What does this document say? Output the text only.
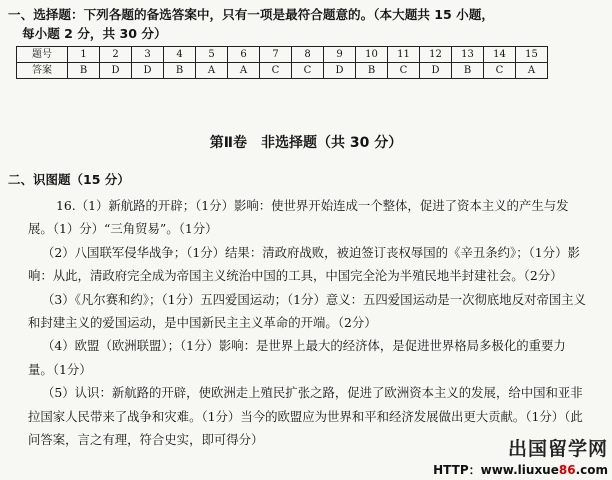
一、选择题：下列各题的备选答案中，只有一项是最符合题意的。（本大题共 15 小题，
每小题 2 分，共 30 分）
题号	1	2	3	4	5	6	7	8	9	10	11	12	13	14	15
答案	B	D	D	B	A	A	C	C	D	B	C	D	B	C	A
第Ⅱ卷　非选择题（共 30 分）
二、识图题（15 分）
16.（1）新航路的开辟；（1分）影响：使世界开始连成一个整体，促进了资本主义的产生与发展。（1）分）“三角贸易”。（1分）
（2）八国联军侵华战争；（1分）结果：清政府战败，被迫签订丧权辱国的《辛丑条约》；（1分）影响：从此，清政府完全成为帝国主义统治中国的工具，中国完全沦为半殖民地半封建社会。（2分）
（3）《凡尔赛和约》；（1分）五四爱国运动；（1分）意义：五四爱国运动是一次彻底地反对帝国主义和封建主义的爱国运动，是中国新民主主义革命的开端。（2分）
（4）欧盟（欧洲联盟）；（1分）影响：是世界上最大的经济体，是促进世界格局多极化的重要力量。（1分）
（5）认识：新航路的开辟，使欧洲走上殖民扩张之路，促进了欧洲资本主义的发展，给中国和亚非拉国家人民带来了战争和灾难。（1分）当今的欧盟应为世界和平和经济发展做出更大贡献。（1分）（此问答案，言之有理，符合史实，即可得分）	出国留学网
HTTP：www.liuxue86.com
